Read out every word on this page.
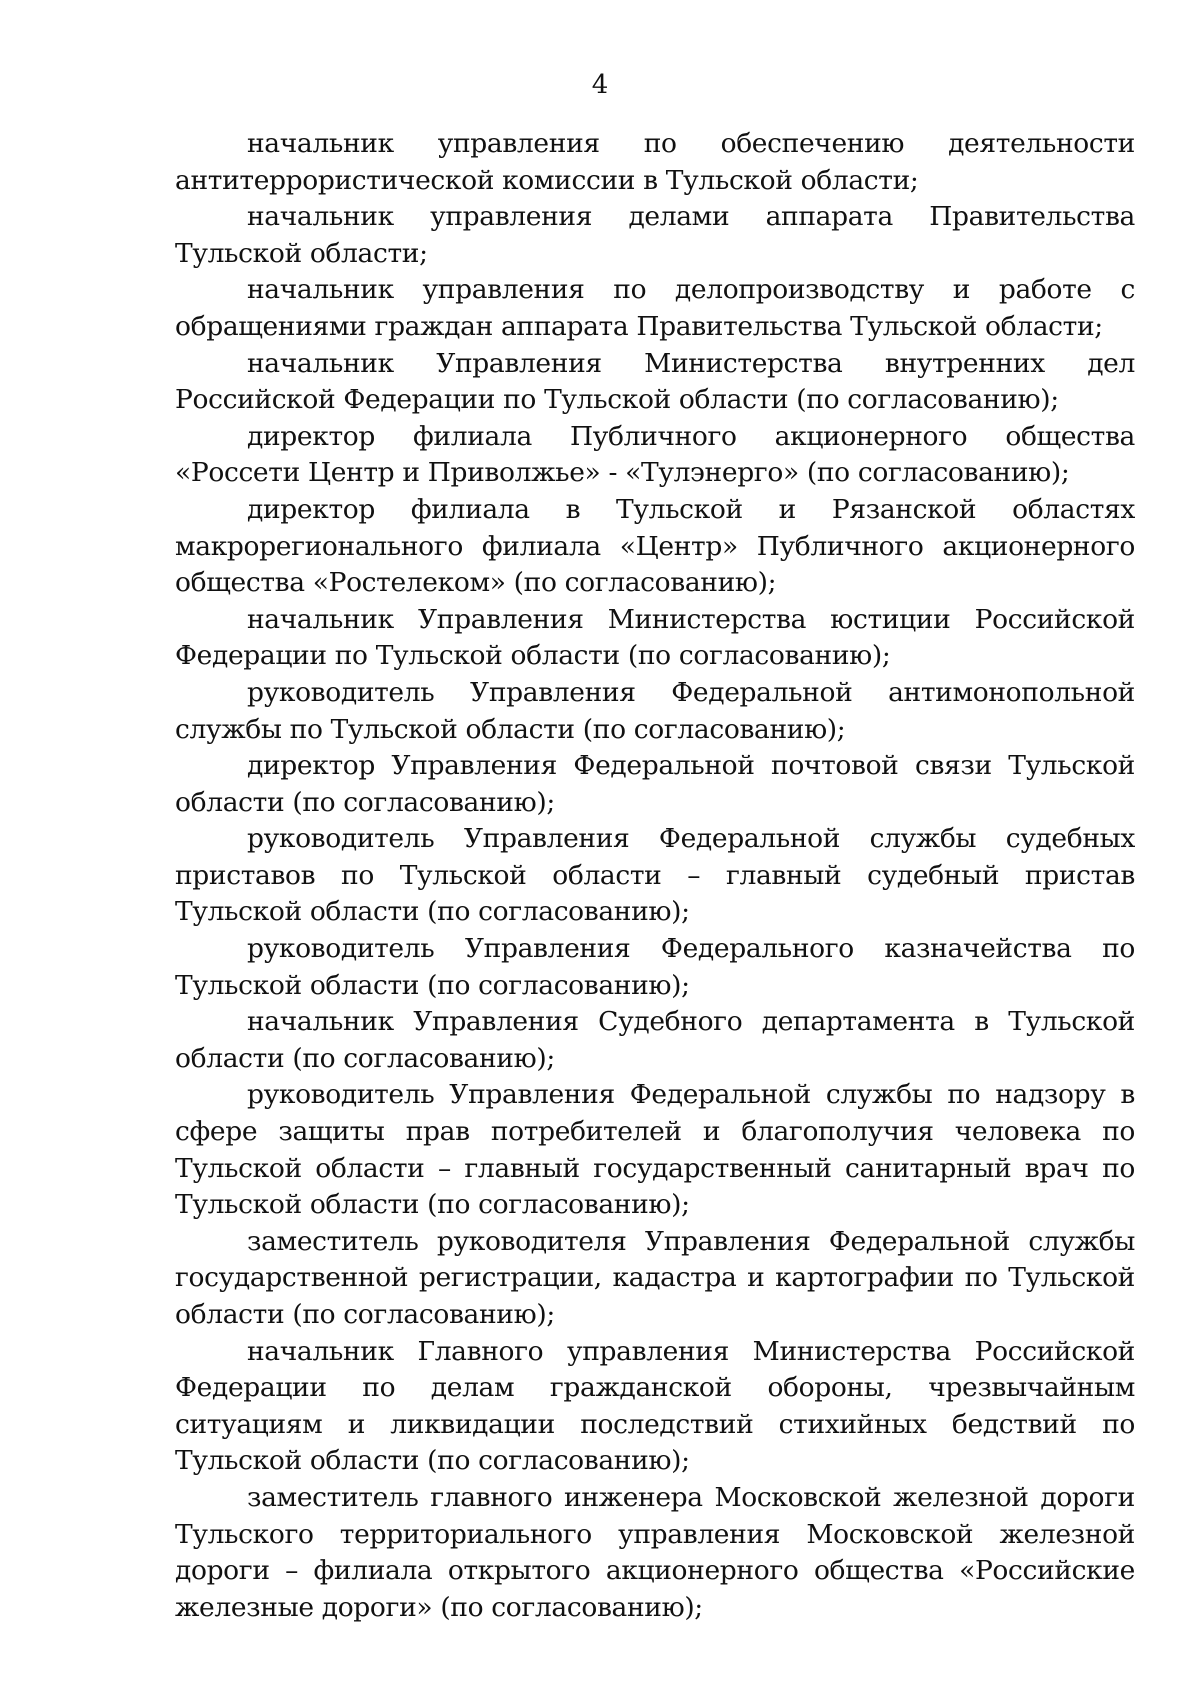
4

начальник управления по обеспечению деятельности антитеррористической комиссии в Тульской области;

начальник управления делами аппарата Правительства Тульской области;

начальник управления по делопроизводству и работе с обращениями граждан аппарата Правительства Тульской области;

начальник Управления Министерства внутренних дел Российской Федерации по Тульской области (по согласованию);

директор филиала Публичного акционерного общества «Россети Центр и Приволжье» - «Тулэнерго» (по согласованию);

директор филиала в Тульской и Рязанской областях макрорегионального филиала «Центр» Публичного акционерного общества «Ростелеком» (по согласованию);

начальник Управления Министерства юстиции Российской Федерации по Тульской области (по согласованию);

руководитель Управления Федеральной антимонопольной службы по Тульской области (по согласованию);

директор Управления Федеральной почтовой связи Тульской области (по согласованию);

руководитель Управления Федеральной службы судебных приставов по Тульской области – главный судебный пристав Тульской области (по согласованию);

руководитель Управления Федерального казначейства по Тульской области (по согласованию);

начальник Управления Судебного департамента в Тульской области (по согласованию);

руководитель Управления Федеральной службы по надзору в сфере защиты прав потребителей и благополучия человека по Тульской области – главный государственный санитарный врач по Тульской области (по согласованию);

заместитель руководителя Управления Федеральной службы государственной регистрации, кадастра и картографии по Тульской области (по согласованию);

начальник Главного управления Министерства Российской Федерации по делам гражданской обороны, чрезвычайным ситуациям и ликвидации последствий стихийных бедствий по Тульской области (по согласованию);

заместитель главного инженера Московской железной дороги Тульского территориального управления Московской железной дороги – филиала открытого акционерного общества «Российские железные дороги» (по согласованию);
